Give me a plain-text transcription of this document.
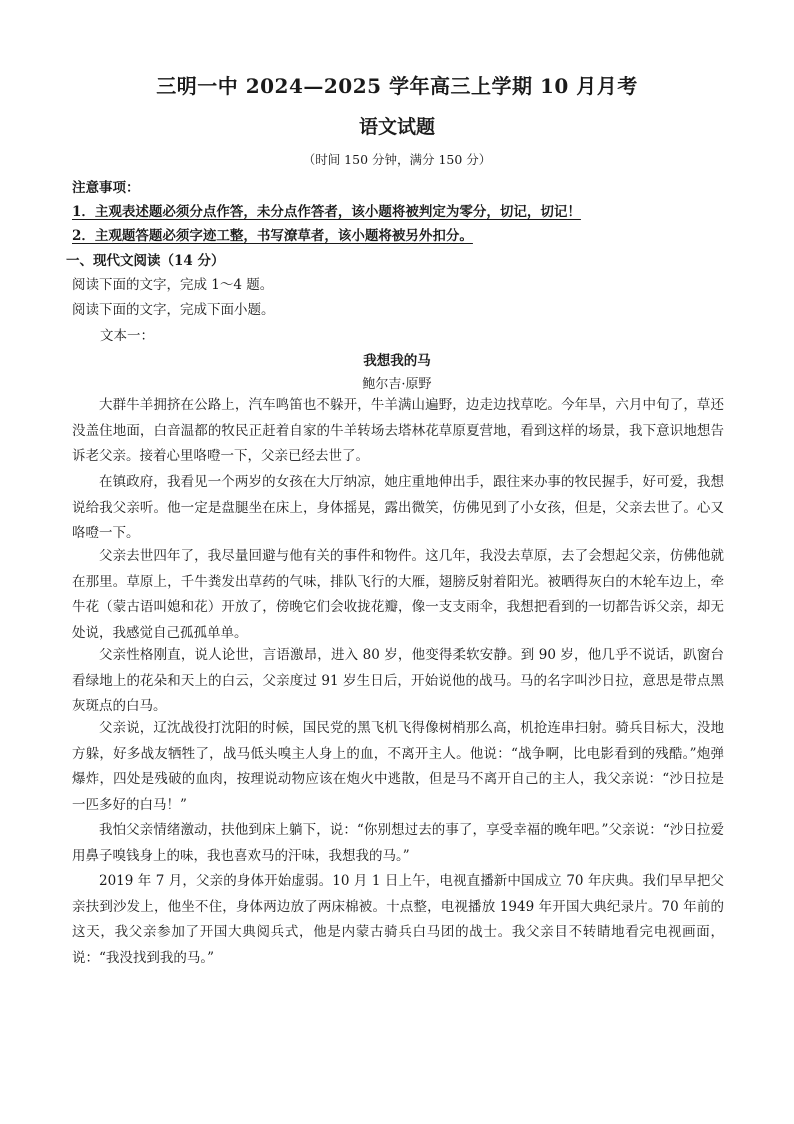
三明一中 2024—2025 学年高三上学期 10 月月考
语文试题
（时间 150 分钟，满分 150 分）
注意事项：
1．主观表述题必须分点作答，未分点作答者，该小题将被判定为零分，切记，切记！
2．主观题答题必须字迹工整，书写潦草者，该小题将被另外扣分。
一、现代文阅读（14 分）
阅读下面的文字，完成 1～4 题。
阅读下面的文字，完成下面小题。
文本一：
我想我的马
鲍尔吉·原野
大群牛羊拥挤在公路上，汽车鸣笛也不躲开，牛羊满山遍野，边走边找草吃。今年旱，六月中旬了，草还没盖住地面，白音温都的牧民正赶着自家的牛羊转场去塔林花草原夏营地，看到这样的场景，我下意识地想告诉老父亲。接着心里咯噔一下，父亲已经去世了。
在镇政府，我看见一个两岁的女孩在大厅纳凉，她庄重地伸出手，跟往来办事的牧民握手，好可爱，我想说给我父亲听。他一定是盘腿坐在床上，身体摇晃，露出微笑，仿佛见到了小女孩，但是，父亲去世了。心又咯噔一下。
父亲去世四年了，我尽量回避与他有关的事件和物件。这几年，我没去草原，去了会想起父亲，仿佛他就在那里。草原上，千牛粪发出草药的气味，排队飞行的大雁，翅膀反射着阳光。被晒得灰白的木轮车边上，牵牛花（蒙古语叫媳和花）开放了，傍晚它们会收拢花瓣，像一支支雨伞，我想把看到的一切都告诉父亲，却无处说，我感觉自己孤孤单单。
父亲性格刚直，说人论世，言语激昂，进入 80 岁，他变得柔软安静。到 90 岁，他几乎不说话，趴窗台看绿地上的花朵和天上的白云，父亲度过 91 岁生日后，开始说他的战马。马的名字叫沙日拉，意思是带点黑灰斑点的白马。
父亲说，辽沈战役打沈阳的时候，国民党的黑飞机飞得像树梢那么高，机抢连串扫射。骑兵目标大，没地方躲，好多战友牺牲了，战马低头嗅主人身上的血，不离开主人。他说：“战争啊，比电影看到的残酷。”炮弹爆炸，四处是残破的血肉，按理说动物应该在炮火中逃散，但是马不离开自己的主人，我父亲说：“沙日拉是一匹多好的白马！”
我怕父亲情绪激动，扶他到床上躺下，说：“你别想过去的事了，享受幸福的晚年吧。”父亲说：“沙日拉爱用鼻子嗅钱身上的味，我也喜欢马的汗味，我想我的马。”
2019 年 7 月，父亲的身体开始虚弱。10 月 1 日上午，电视直播新中国成立 70 年庆典。我们早早把父亲扶到沙发上，他坐不住，身体两边放了两床棉被。十点整，电视播放 1949 年开国大典纪录片。70 年前的这天，我父亲参加了开国大典阅兵式，他是内蒙古骑兵白马团的战士。我父亲目不转睛地看完电视画面，说：“我没找到我的马。”
